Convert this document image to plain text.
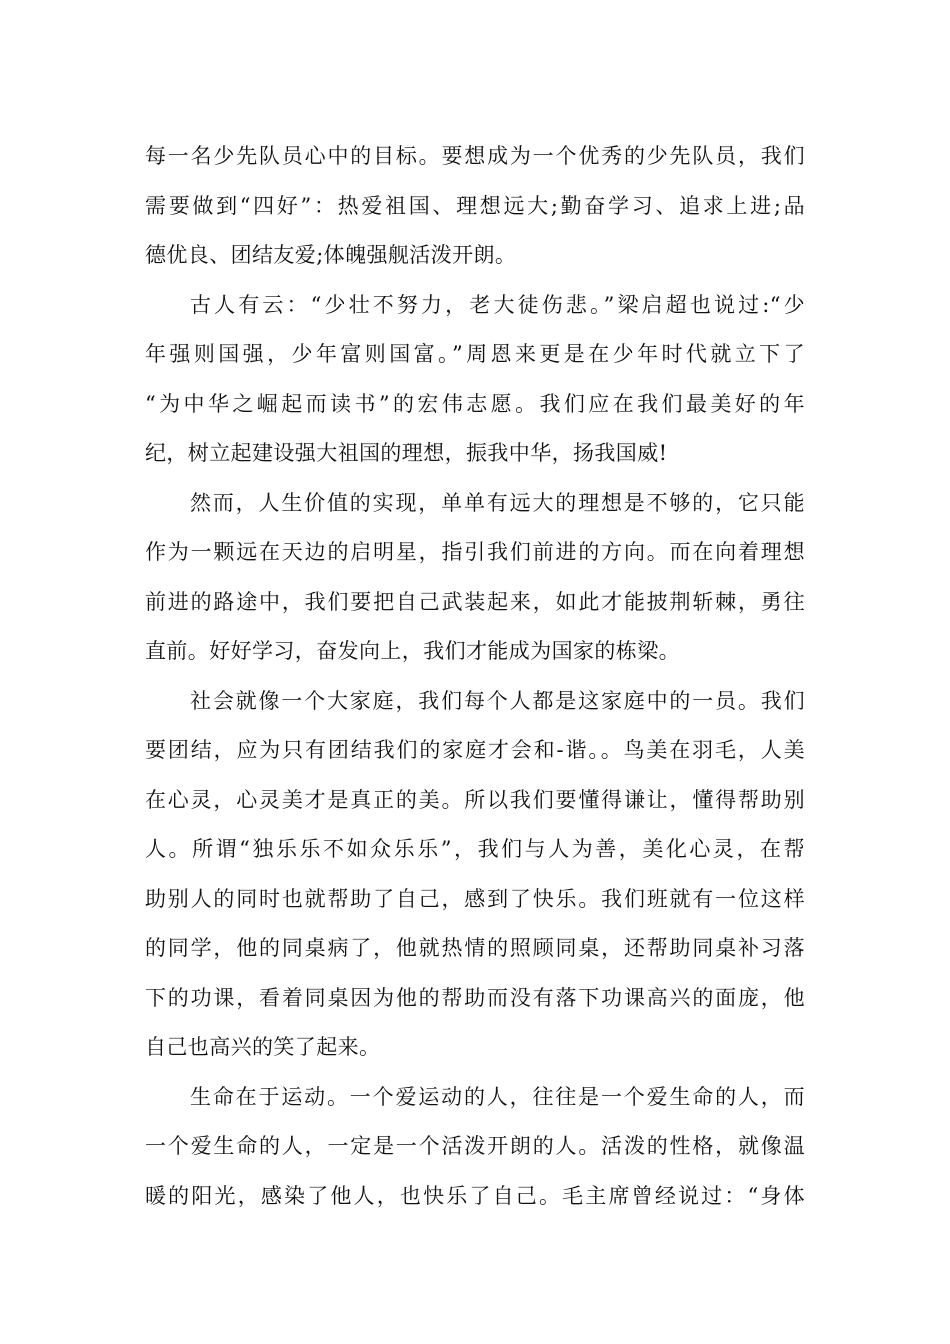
每一名少先队员心中的目标。要想成为一个优秀的少先队员，我们
需要做到“四好”：热爱祖国、理想远大;勤奋学习、追求上进;品
德优良、团结友爱;体魄强舰活泼开朗。
古人有云：“少壮不努力，老大徒伤悲。”梁启超也说过:“少
年强则国强，少年富则国富。”周恩来更是在少年时代就立下了
“为中华之崛起而读书”的宏伟志愿。我们应在我们最美好的年
纪，树立起建设强大祖国的理想，振我中华，扬我国威!
然而，人生价值的实现，单单有远大的理想是不够的，它只能
作为一颗远在天边的启明星，指引我们前进的方向。而在向着理想
前进的路途中，我们要把自己武装起来，如此才能披荆斩棘，勇往
直前。好好学习，奋发向上，我们才能成为国家的栋梁。
社会就像一个大家庭，我们每个人都是这家庭中的一员。我们
要团结，应为只有团结我们的家庭才会和-谐。。鸟美在羽毛，人美
在心灵，心灵美才是真正的美。所以我们要懂得谦让，懂得帮助别
人。所谓“独乐乐不如众乐乐”，我们与人为善，美化心灵，在帮
助别人的同时也就帮助了自己，感到了快乐。我们班就有一位这样
的同学，他的同桌病了，他就热情的照顾同桌，还帮助同桌补习落
下的功课，看着同桌因为他的帮助而没有落下功课高兴的面庞，他
自己也高兴的笑了起来。
生命在于运动。一个爱运动的人，往往是一个爱生命的人，而
一个爱生命的人，一定是一个活泼开朗的人。活泼的性格，就像温
暖的阳光，感染了他人，也快乐了自己。毛主席曾经说过：“身体
